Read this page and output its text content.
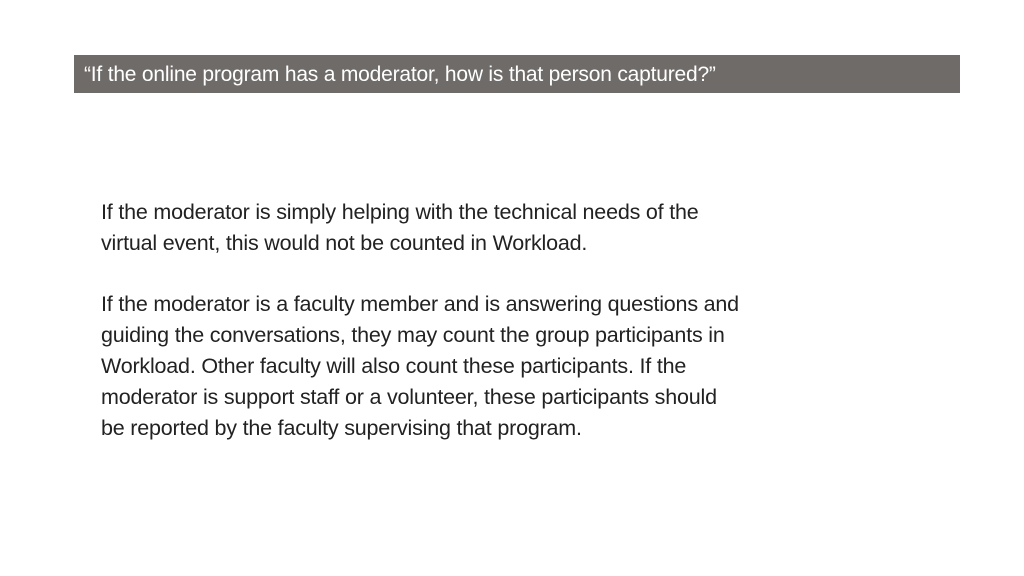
“If the online program has a moderator, how is that person captured?”

If the moderator is simply helping with the technical needs of the
virtual event, this would not be counted in Workload.

If the moderator is a faculty member and is answering questions and
guiding the conversations, they may count the group participants in
Workload. Other faculty will also count these participants. If the
moderator is support staff or a volunteer, these participants should
be reported by the faculty supervising that program.
